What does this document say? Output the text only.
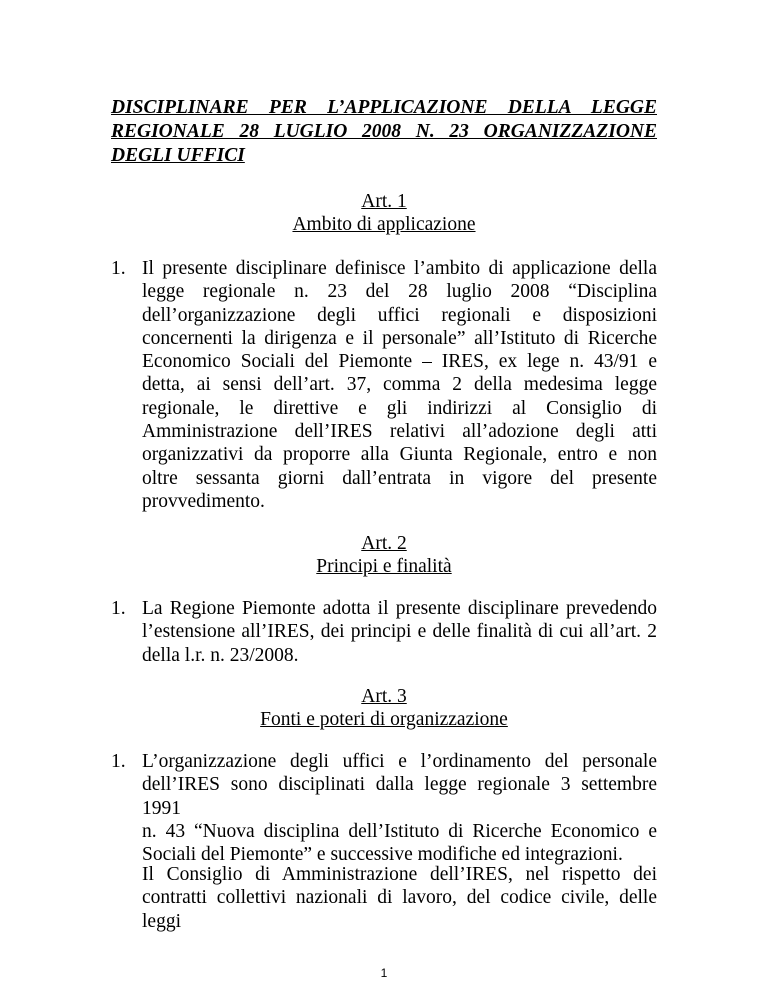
DISCIPLINARE PER L’APPLICAZIONE DELLA LEGGE
REGIONALE 28 LUGLIO 2008 N. 23 ORGANIZZAZIONE
DEGLI UFFICI
Art. 1
Ambito di applicazione
1. Il presente disciplinare definisce l’ambito di applicazione della
legge regionale n. 23 del 28 luglio 2008 “Disciplina
dell’organizzazione degli uffici regionali e disposizioni
concernenti la dirigenza e il personale” all’Istituto di Ricerche
Economico Sociali del Piemonte – IRES, ex lege n. 43/91 e
detta, ai sensi dell’art. 37, comma 2 della medesima legge
regionale, le direttive e gli indirizzi al Consiglio di
Amministrazione dell’IRES relativi all’adozione degli atti
organizzativi da proporre alla Giunta Regionale, entro e non
oltre sessanta giorni dall’entrata in vigore del presente
provvedimento.
Art. 2
Principi e finalità
1. La Regione Piemonte adotta il presente disciplinare prevedendo
l’estensione all’IRES, dei principi e delle finalità di cui all’art. 2
della l.r. n. 23/2008.
Art. 3
Fonti e poteri di organizzazione
1. L’organizzazione degli uffici e l’ordinamento del personale
dell’IRES sono disciplinati dalla legge regionale 3 settembre 1991
n. 43 “Nuova disciplina dell’Istituto di Ricerche Economico e
Sociali del Piemonte” e successive modifiche ed integrazioni.
Il Consiglio di Amministrazione dell’IRES, nel rispetto dei
contratti collettivi nazionali di lavoro, del codice civile, delle leggi
1
